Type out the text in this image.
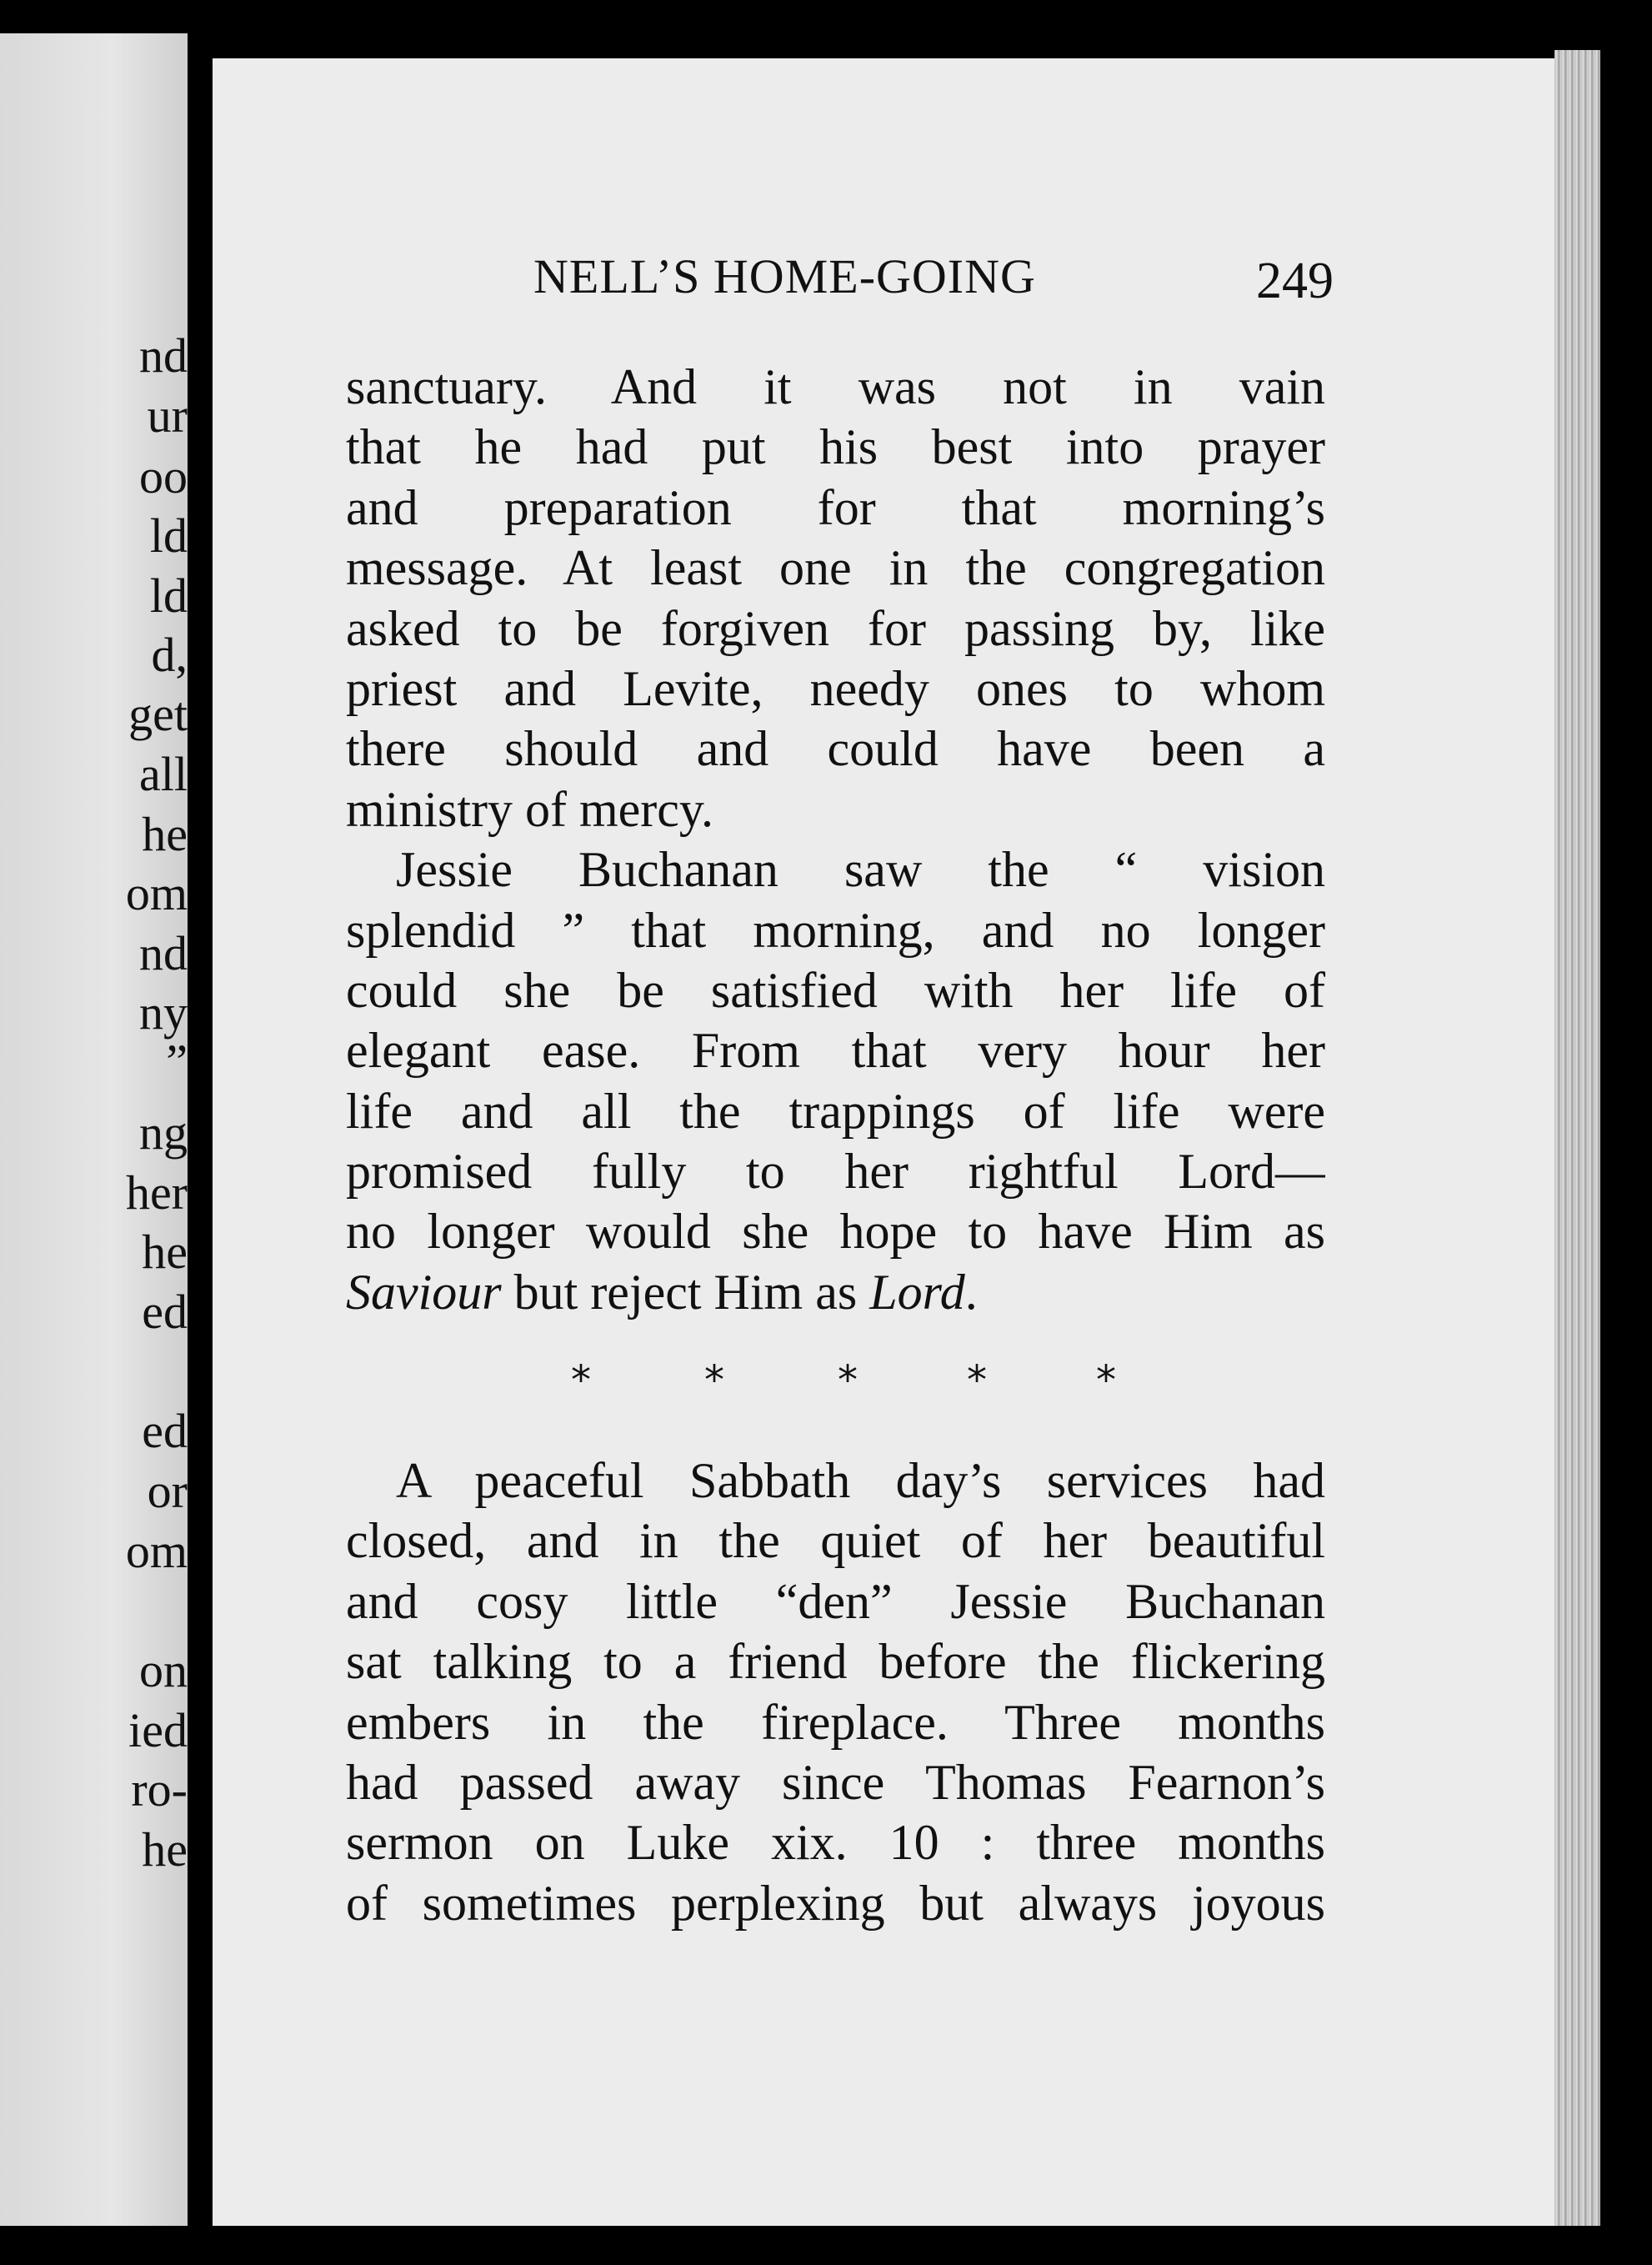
nd
ur
oo
ld
ld
d,
get
all
he
om
nd
ny
”
ng
her
he
ed
ed
or
om
on
ied
ro-
he
NELL’S HOME-GOING	249
sanctuary. And it was not in vain
that he had put his best into prayer
and preparation for that morning’s
message. At least one in the congregation
asked to be forgiven for passing by, like
priest and Levite, needy ones to whom
there should and could have been a
ministry of mercy.
Jessie Buchanan saw the “ vision
splendid ” that morning, and no longer
could she be satisfied with her life of
elegant ease. From that very hour her
life and all the trappings of life were
promised fully to her rightful Lord—
no longer would she hope to have Him as
Saviour but reject Him as Lord.
*	*	*	*	*
A peaceful Sabbath day’s services had
closed, and in the quiet of her beautiful
and cosy little “den” Jessie Buchanan
sat talking to a friend before the flickering
embers in the fireplace. Three months
had passed away since Thomas Fearnon’s
sermon on Luke xix. 10 : three months
of sometimes perplexing but always joyous
